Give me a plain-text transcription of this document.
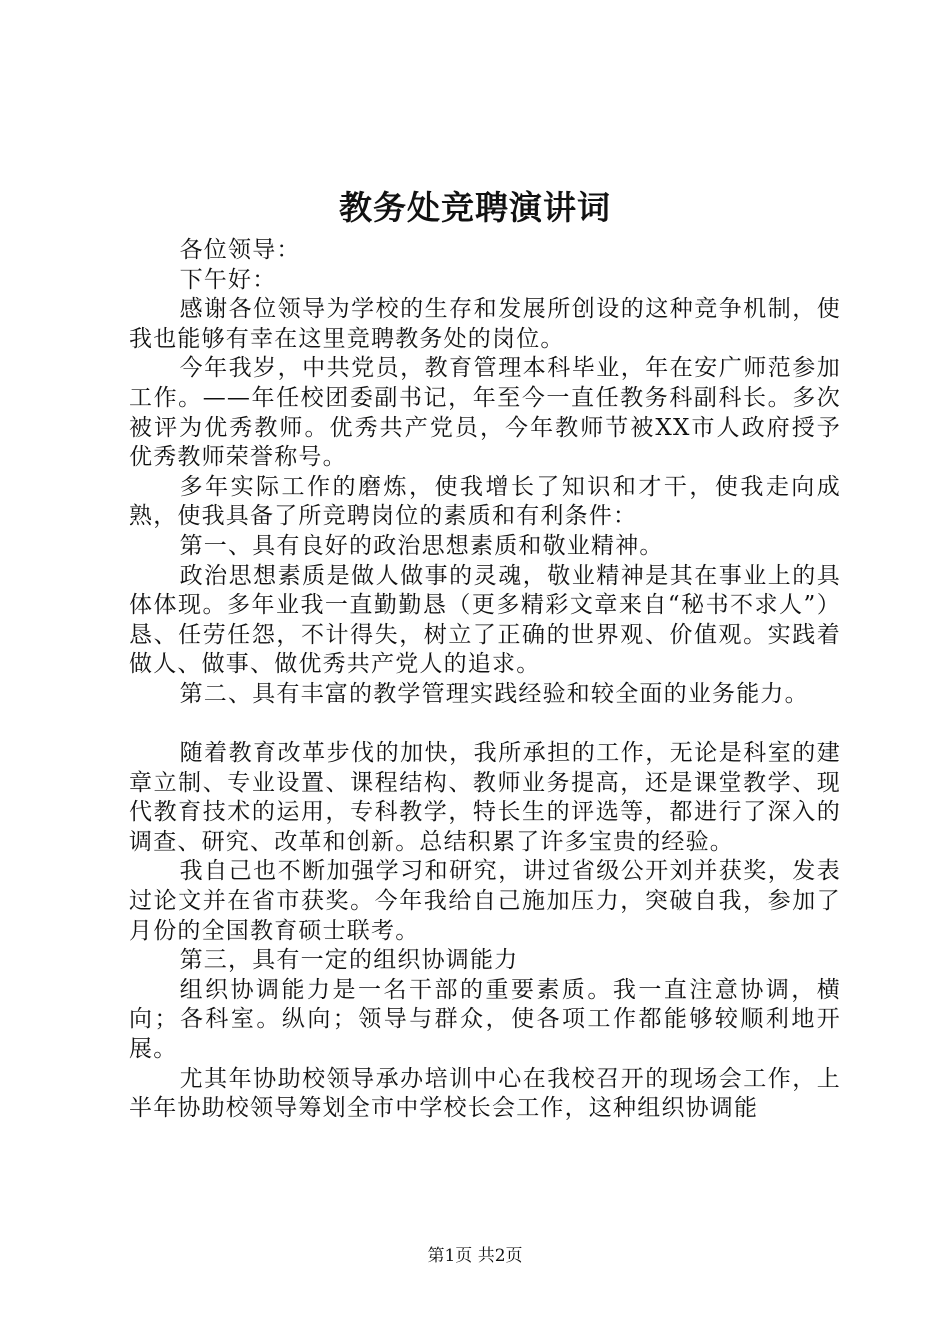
教务处竞聘演讲词

各位领导：

下午好：

感谢各位领导为学校的生存和发展所创设的这种竞争机制，使我也能够有幸在这里竞聘教务处的岗位。

今年我岁，中共党员，教育管理本科毕业，年在安广师范参加工作。——年任校团委副书记，年至今一直任教务科副科长。多次被评为优秀教师。优秀共产党员，今年教师节被XX市人政府授予优秀教师荣誉称号。

多年实际工作的磨炼，使我增长了知识和才干，使我走向成熟，使我具备了所竞聘岗位的素质和有利条件：

第一、具有良好的政治思想素质和敬业精神。

政治思想素质是做人做事的灵魂，敬业精神是其在事业上的具体体现。多年业我一直勤勤恳（更多精彩文章来自“秘书不求人”）恳、任劳任怨，不计得失，树立了正确的世界观、价值观。实践着做人、做事、做优秀共产党人的追求。

第二、具有丰富的教学管理实践经验和较全面的业务能力。

随着教育改革步伐的加快，我所承担的工作，无论是科室的建章立制、专业设置、课程结构、教师业务提高，还是课堂教学、现代教育技术的运用，专科教学，特长生的评选等，都进行了深入的调查、研究、改革和创新。总结积累了许多宝贵的经验。

我自己也不断加强学习和研究，讲过省级公开刘并获奖，发表过论文并在省市获奖。今年我给自己施加压力，突破自我，参加了月份的全国教育硕士联考。

第三，具有一定的组织协调能力

组织协调能力是一名干部的重要素质。我一直注意协调，横向；各科室。纵向；领导与群众，使各项工作都能够较顺利地开展。

尤其年协助校领导承办培训中心在我校召开的现场会工作，上半年协助校领导筹划全市中学校长会工作，这种组织协调能

第1页 共2页
